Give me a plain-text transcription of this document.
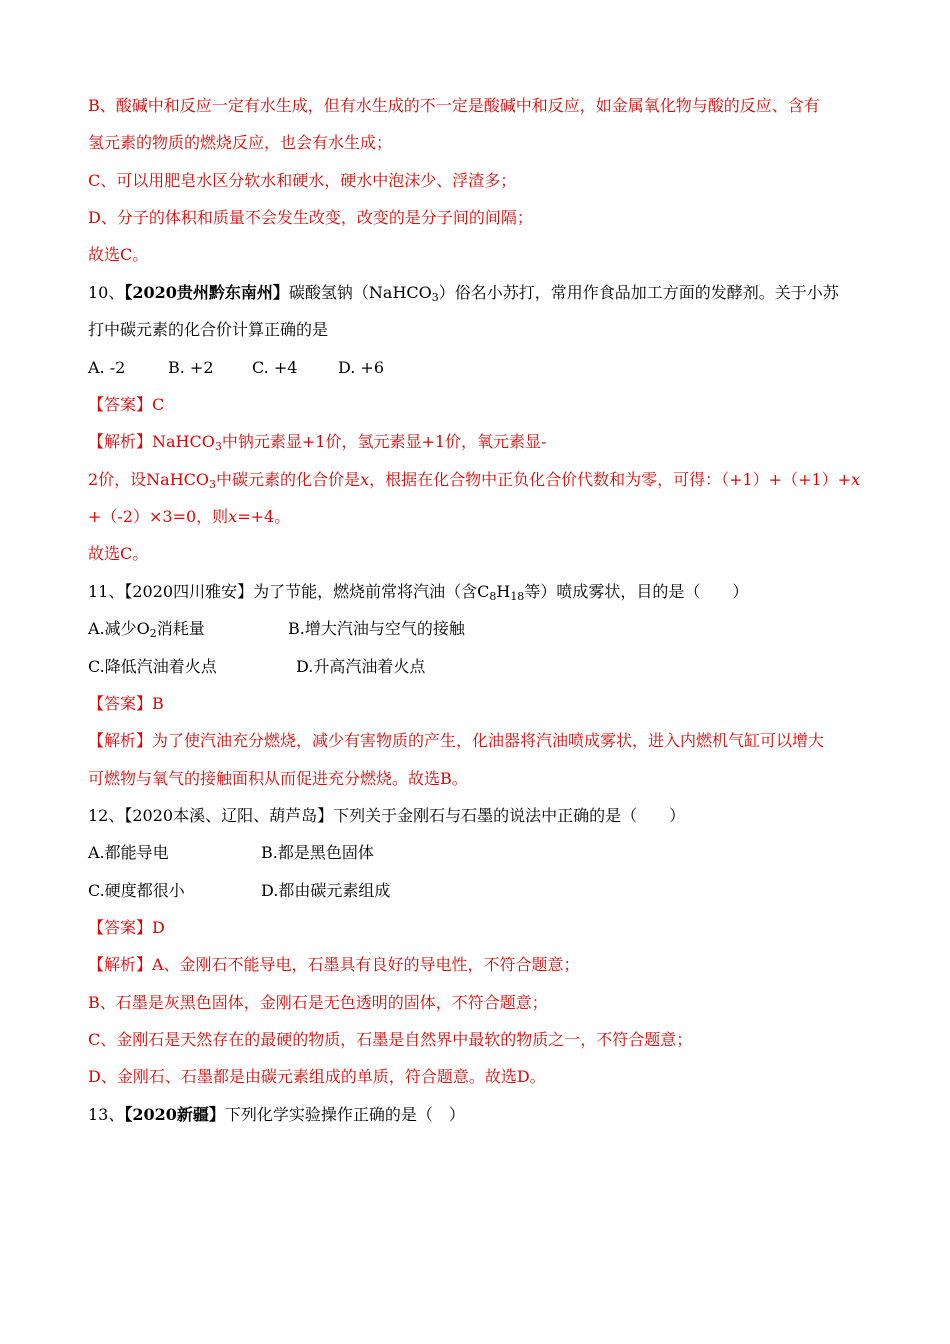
B、酸碱中和反应一定有水生成，但有水生成的不一定是酸碱中和反应，如金属氧化物与酸的反应、含有
氢元素的物质的燃烧反应，也会有水生成；
C、可以用肥皂水区分软水和硬水，硬水中泡沫少、浮渣多；
D、分子的体积和质量不会发生改变，改变的是分子间的间隔；
故选C。
10、【2020贵州黔东南州】碳酸氢钠（NaHCO$_3$）俗名小苏打，常用作食品加工方面的发酵剂。关于小苏
打中碳元素的化合价计算正确的是
A. -2	B. +2 C. +4	D. +6
【答案】C
【解析】NaHCO$_3$中钠元素显+1价，氢元素显+1价，氧元素显-
2价，设NaHCO$_3$中碳元素的化合价是x，根据在化合物中正负化合价代数和为零，可得：（+1）+（+1）+x
+（-2）×3=0，则x=+4。
故选C。
11、【2020四川雅安】为了节能，燃烧前常将汽油（含$C_8H_{18}$等）喷成雾状，目的是（　　）
A.减少$O_2$消耗量	B.增大汽油与空气的接触
C.降低汽油着火点	D.升高汽油着火点
【答案】B
【解析】为了使汽油充分燃烧，减少有害物质的产生，化油器将汽油喷成雾状，进入内燃机气缸可以增大
可燃物与氧气的接触面积从而促进充分燃烧。故选B。
12、【2020本溪、辽阳、葫芦岛】下列关于金刚石与石墨的说法中正确的是（　　）
A.都能导电	B.都是黑色固体
C.硬度都很小	D.都由碳元素组成
【答案】D
【解析】A、金刚石不能导电，石墨具有良好的导电性，不符合题意；
B、石墨是灰黑色固体，金刚石是无色透明的固体，不符合题意；
C、金刚石是天然存在的最硬的物质，石墨是自然界中最软的物质之一，不符合题意；
D、金刚石、石墨都是由碳元素组成的单质，符合题意。故选D。
13、【2020新疆】下列化学实验操作正确的是（　）
